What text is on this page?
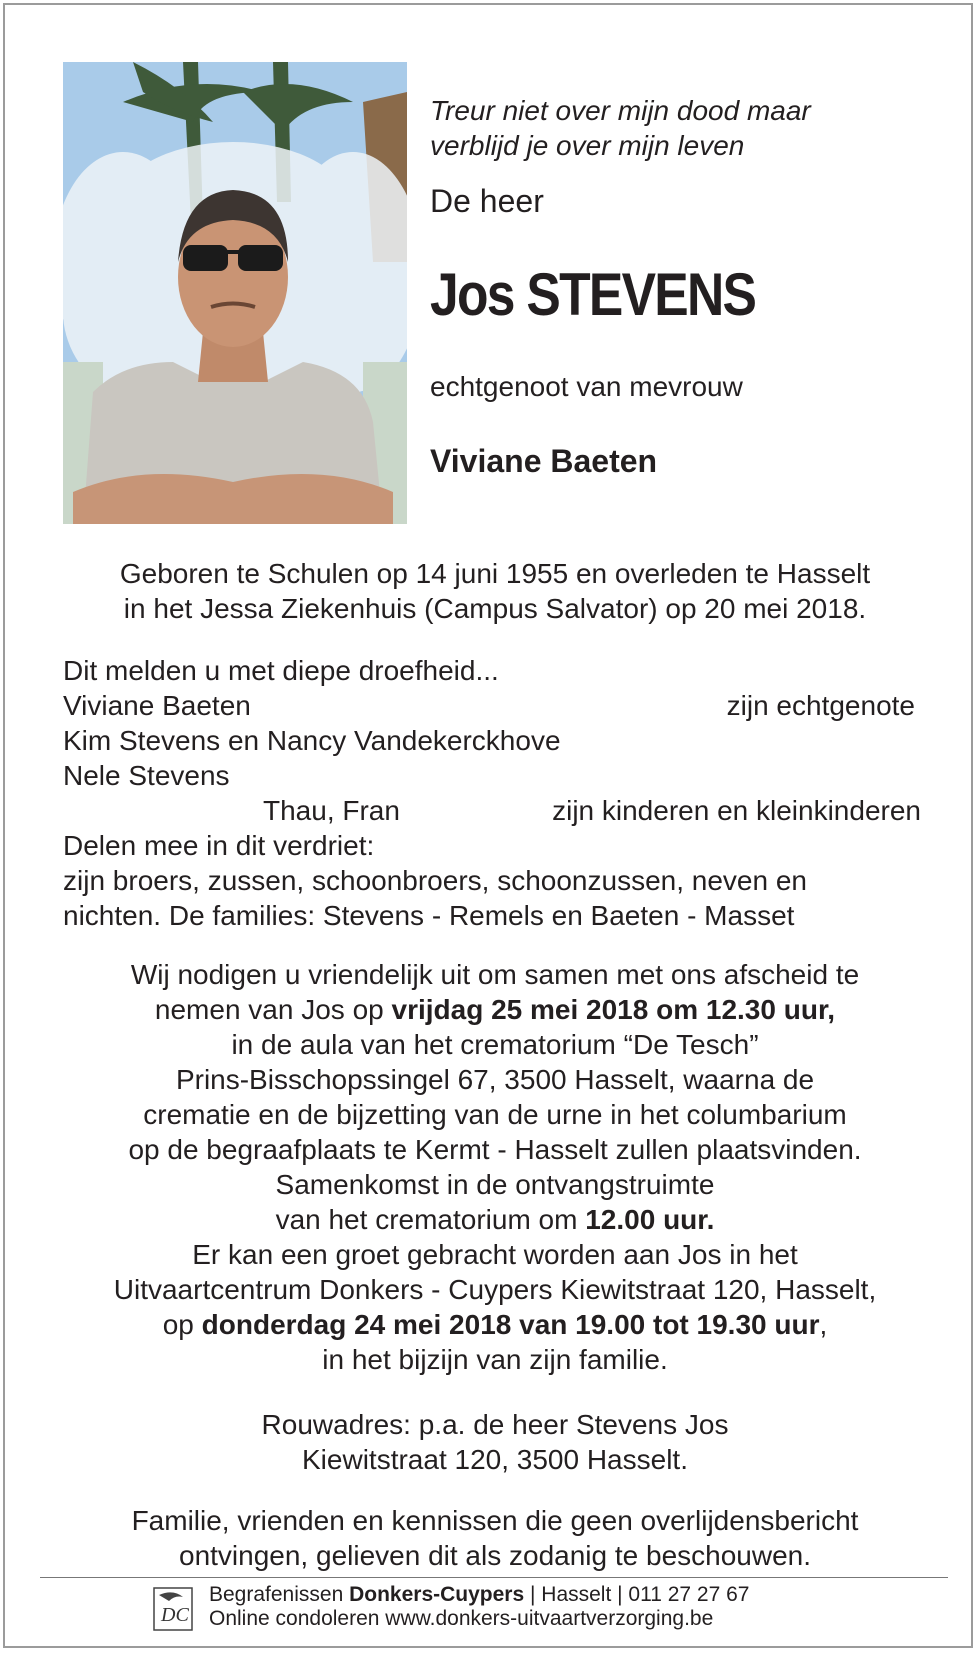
Treur niet over mijn dood maar
verblijd je over mijn leven
De heer
Jos STEVENS
echtgenoot van mevrouw
Viviane Baeten
Geboren te Schulen op 14 juni 1955 en overleden te Hasselt
in het Jessa Ziekenhuis (Campus Salvator) op 20 mei 2018.
Dit melden u met diepe droefheid...
Viviane Baeten	zijn echtgenote
Kim Stevens en Nancy Vandekerckhove
Nele Stevens
Thau, Fran	zijn kinderen en kleinkinderen
Delen mee in dit verdriet:
zijn broers, zussen, schoonbroers, schoonzussen, neven en
nichten. De families: Stevens - Remels en Baeten - Masset
Wij nodigen u vriendelijk uit om samen met ons afscheid te
nemen van Jos op vrijdag 25 mei 2018 om 12.30 uur,
in de aula van het crematorium “De Tesch”
Prins-Bisschopssingel 67, 3500 Hasselt, waarna de
crematie en de bijzetting van de urne in het columbarium
op de begraafplaats te Kermt - Hasselt zullen plaatsvinden.
Samenkomst in de ontvangstruimte
van het crematorium om 12.00 uur.
Er kan een groet gebracht worden aan Jos in het
Uitvaartcentrum Donkers - Cuypers Kiewitstraat 120, Hasselt,
op donderdag 24 mei 2018 van 19.00 tot 19.30 uur,
in het bijzijn van zijn familie.
Rouwadres: p.a. de heer Stevens Jos
Kiewitstraat 120, 3500 Hasselt.
Familie, vrienden en kennissen die geen overlijdensbericht
ontvingen, gelieven dit als zodanig te beschouwen.
DC
Begrafenissen Donkers-Cuypers | Hasselt | 011 27 27 67
Online condoleren www.donkers-uitvaartverzorging.be
